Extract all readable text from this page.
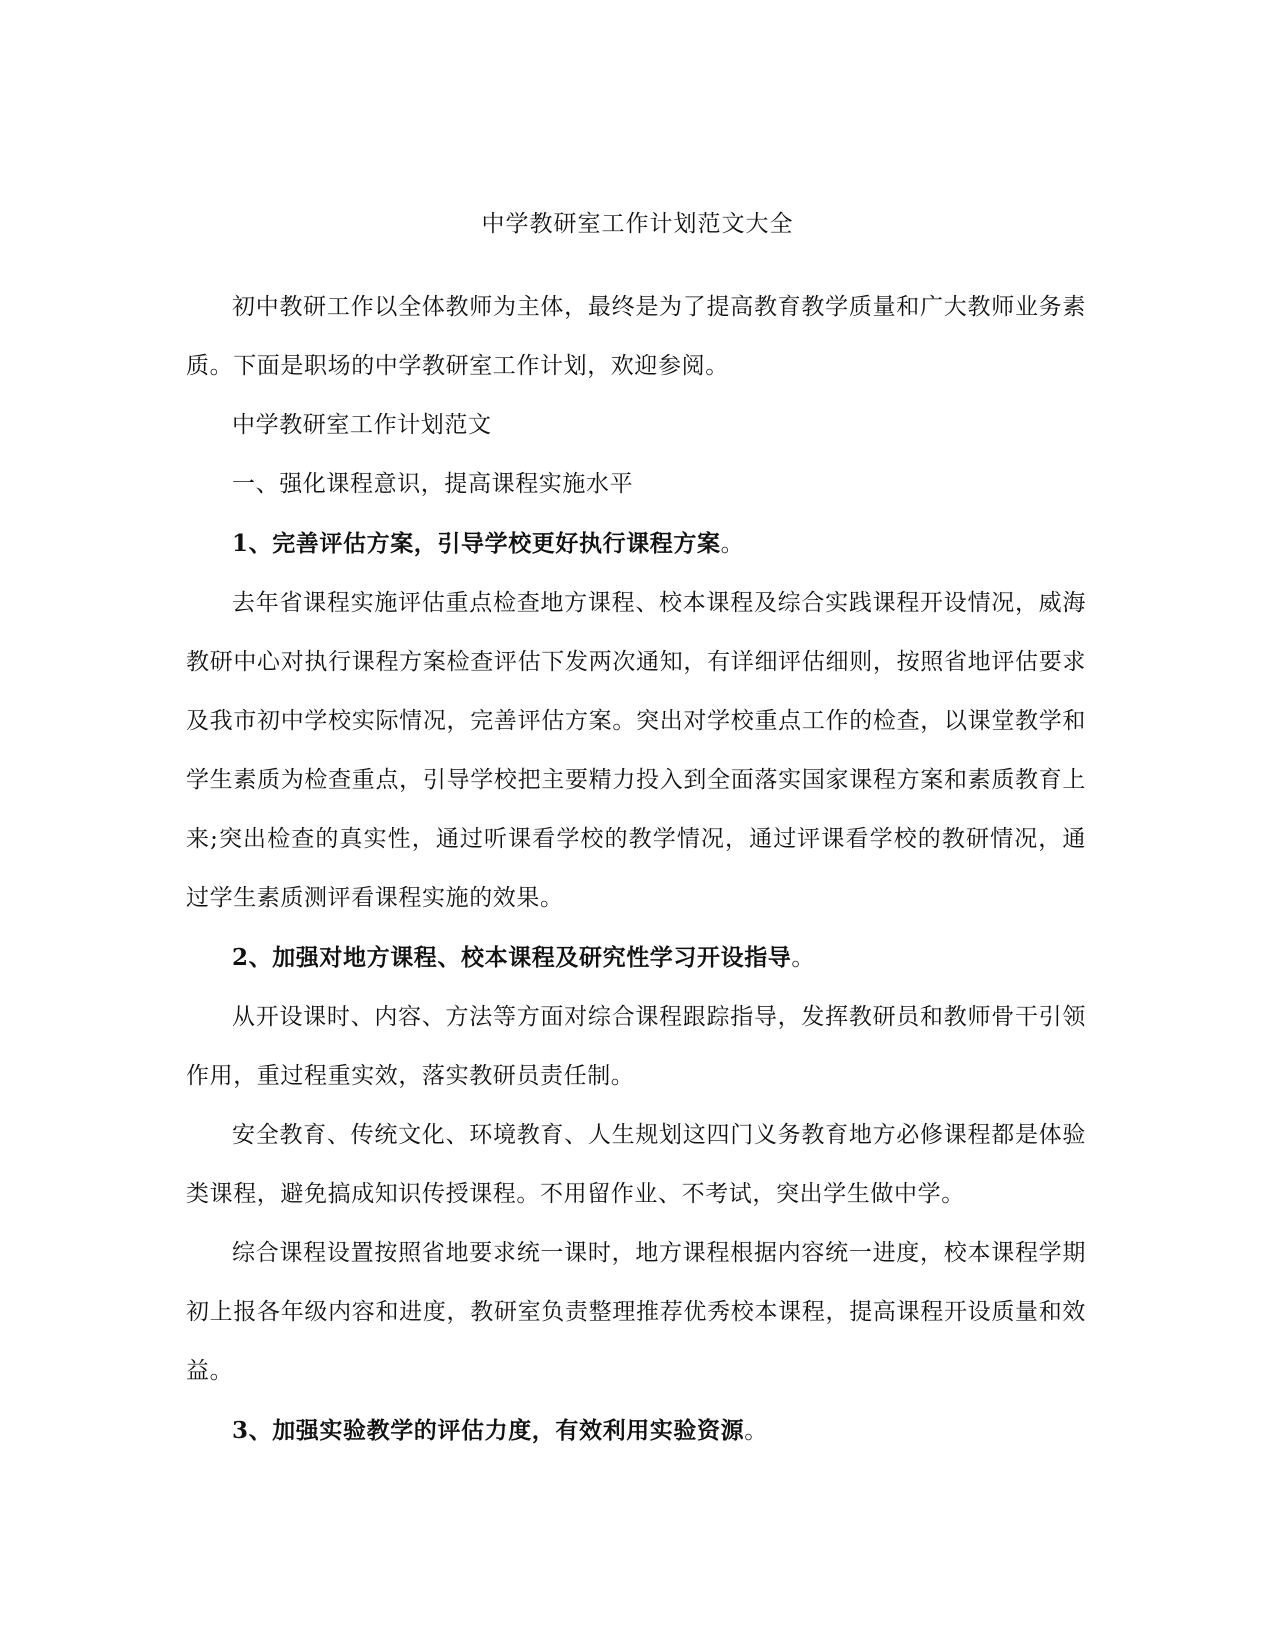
中学教研室工作计划范文大全

初中教研工作以全体教师为主体，最终是为了提高教育教学质量和广大教师业务素质。下面是职场的中学教研室工作计划，欢迎参阅。

中学教研室工作计划范文

一、强化课程意识，提高课程实施水平

1、完善评估方案，引导学校更好执行课程方案。

去年省课程实施评估重点检查地方课程、校本课程及综合实践课程开设情况，威海教研中心对执行课程方案检查评估下发两次通知，有详细评估细则，按照省地评估要求及我市初中学校实际情况，完善评估方案。突出对学校重点工作的检查，以课堂教学和学生素质为检查重点，引导学校把主要精力投入到全面落实国家课程方案和素质教育上来;突出检查的真实性，通过听课看学校的教学情况，通过评课看学校的教研情况，通过学生素质测评看课程实施的效果。

2、加强对地方课程、校本课程及研究性学习开设指导。

从开设课时、内容、方法等方面对综合课程跟踪指导，发挥教研员和教师骨干引领作用，重过程重实效，落实教研员责任制。

安全教育、传统文化、环境教育、人生规划这四门义务教育地方必修课程都是体验类课程，避免搞成知识传授课程。不用留作业、不考试，突出学生做中学。

综合课程设置按照省地要求统一课时，地方课程根据内容统一进度，校本课程学期初上报各年级内容和进度，教研室负责整理推荐优秀校本课程，提高课程开设质量和效益。

3、加强实验教学的评估力度，有效利用实验资源。
